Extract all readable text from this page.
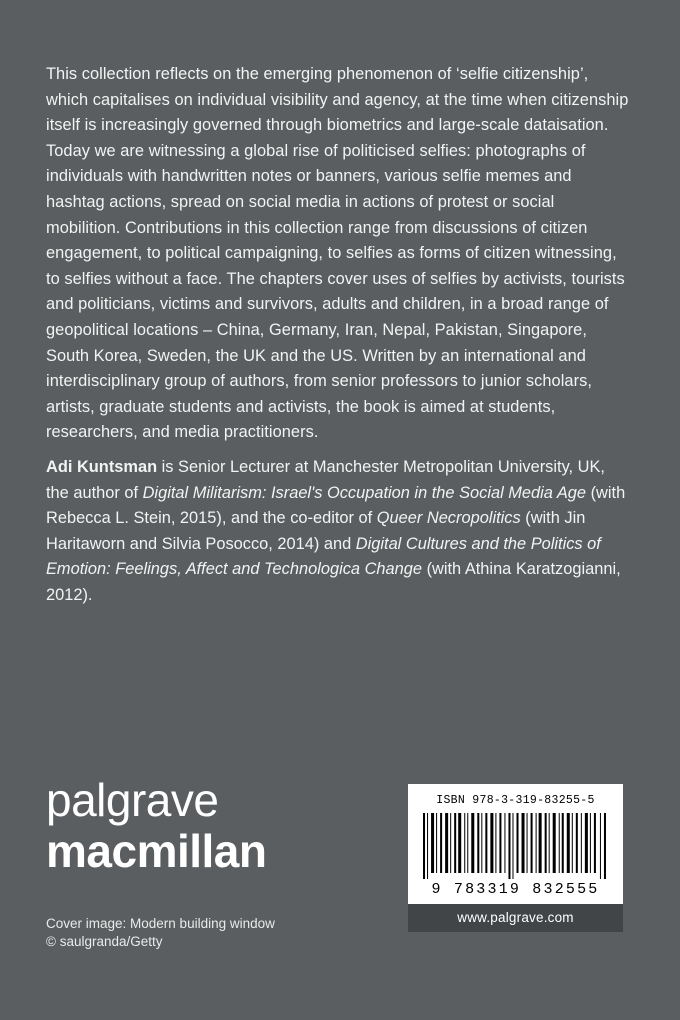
This collection reflects on the emerging phenomenon of ‘selfie citizenship’, which capitalises on individual visibility and agency, at the time when citizenship itself is increasingly governed through biometrics and large-scale dataisation. Today we are witnessing a global rise of politicised selfies: photographs of individuals with handwritten notes or banners, various selfie memes and hashtag actions, spread on social media in actions of protest or social mobilition. Contributions in this collection range from discussions of citizen engagement, to political campaigning, to selfies as forms of citizen witnessing, to selfies without a face. The chapters cover uses of selfies by activists, tourists and politicians, victims and survivors, adults and children, in a broad range of geopolitical locations – China, Germany, Iran, Nepal, Pakistan, Singapore, South Korea, Sweden, the UK and the US. Written by an international and interdisciplinary group of authors, from senior professors to junior scholars, artists, graduate students and activists, the book is aimed at students, researchers, and media practitioners.

Adi Kuntsman is Senior Lecturer at Manchester Metropolitan University, UK, the author of Digital Militarism: Israel's Occupation in the Social Media Age (with Rebecca L. Stein, 2015), and the co-editor of Queer Necropolitics (with Jin Haritaworn and Silvia Posocco, 2014) and Digital Cultures and the Politics of Emotion: Feelings, Affect and Technologica Change (with Athina Karatzogianni, 2012).

palgrave
macmillan
Cover image: Modern building window
© saulgranda/Getty
ISBN 978-3-319-83255-5
9 783319 832555
www.palgrave.com
